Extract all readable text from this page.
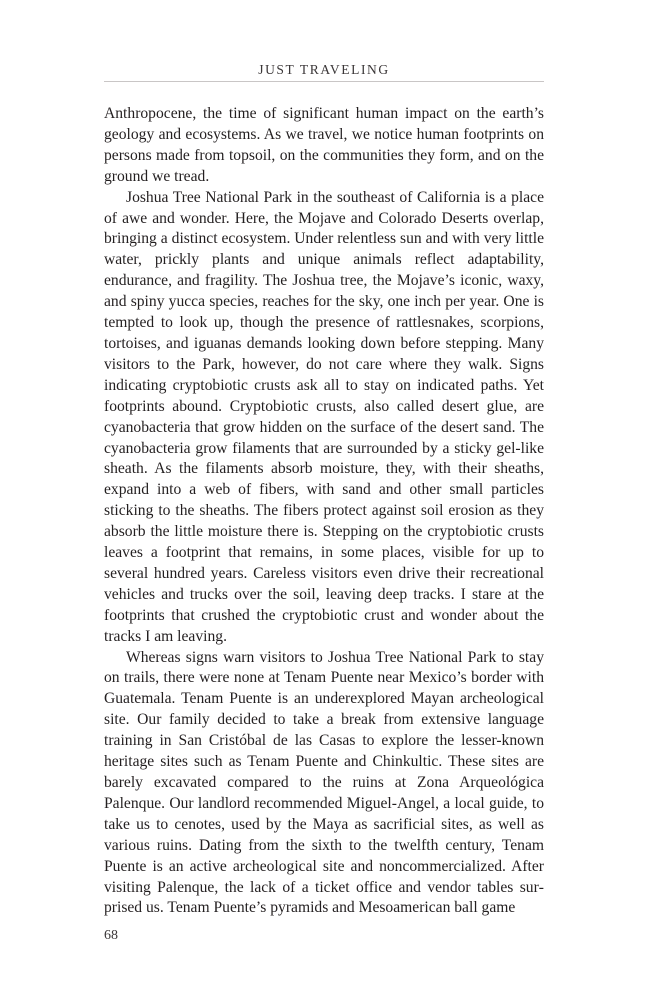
JUST TRAVELING

Anthropocene, the time of significant human impact on the earth’s geology and ecosystems. As we travel, we notice human footprints on persons made from topsoil, on the communities they form, and on the ground we tread.

Joshua Tree National Park in the southeast of California is a place of awe and wonder. Here, the Mojave and Colorado Deserts overlap, bringing a distinct ecosystem. Under relentless sun and with very little water, prickly plants and unique animals reflect adaptability, endurance, and fragility. The Joshua tree, the Mojave’s iconic, waxy, and spiny yucca species, reaches for the sky, one inch per year. One is tempted to look up, though the presence of rattlesnakes, scorpions, tortoises, and iguanas demands looking down before stepping. Many visitors to the Park, however, do not care where they walk. Signs indicating cryptobiotic crusts ask all to stay on indicated paths. Yet footprints abound. Cryptobiotic crusts, also called desert glue, are cyanobacteria that grow hidden on the surface of the desert sand. The cyanobacteria grow filaments that are surrounded by a sticky gel-like sheath. As the filaments absorb moisture, they, with their sheaths, expand into a web of fibers, with sand and other small particles sticking to the sheaths. The fibers protect against soil erosion as they absorb the little moisture there is. Stepping on the cryptobiotic crusts leaves a footprint that remains, in some places, visible for up to several hundred years. Careless visitors even drive their recreational vehicles and trucks over the soil, leaving deep tracks. I stare at the footprints that crushed the cryptobiotic crust and wonder about the tracks I am leaving.

Whereas signs warn visitors to Joshua Tree National Park to stay on trails, there were none at Tenam Puente near Mexico’s border with Guatemala. Tenam Puente is an underexplored Mayan archeological site. Our family decided to take a break from extensive language training in San Cristóbal de las Casas to explore the lesser-known heritage sites such as Tenam Puente and Chinkultic. These sites are barely excavated compared to the ruins at Zona Arqueológica Palenque. Our landlord recommended Miguel-Angel, a local guide, to take us to cenotes, used by the Maya as sacrificial sites, as well as various ruins. Dating from the sixth to the twelfth century, Tenam Puente is an active archeological site and noncommercialized. After visiting Palenque, the lack of a ticket office and vendor tables surprised us. Tenam Puente’s pyramids and Mesoamerican ball game

68
